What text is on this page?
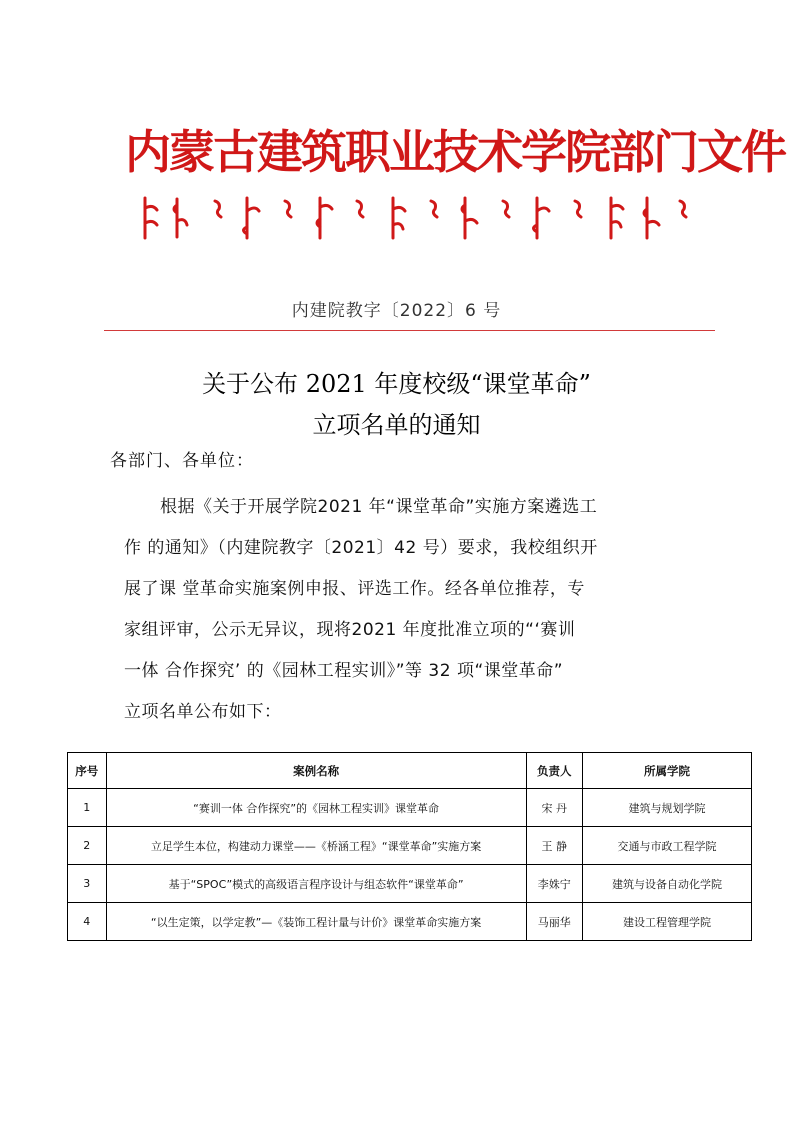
内蒙古建筑职业技术学院部门文件
内建院教字〔2022〕6 号
关于公布 2021 年度校级“课堂革命”
立项名单的通知
各部门、各单位：
根据《关于开展学院2021 年“课堂革命”实施方案遴选工
作 的通知》（内建院教字〔2021〕42 号）要求，我校组织开
展了课 堂革命实施案例申报、评选工作。经各单位推荐，专
家组评审，公示无异议，现将2021 年度批准立项的“‘赛训
一体 合作探究’ 的《园林工程实训》”等 32 项“课堂革命”
立项名单公布如下：
序号	案例名称	负责人	所属学院
1	“赛训一体 合作探究”的《园林工程实训》课堂革命	宋 丹	建筑与规划学院
2	立足学生本位，构建动力课堂——《桥涵工程》“课堂革命”实施方案	王 静	交通与市政工程学院
3	基于“SPOC”模式的高级语言程序设计与组态软件“课堂革命”	李姝宁	建筑与设备自动化学院
4	“以生定策，以学定教”—《装饰工程计量与计价》课堂革命实施方案	马丽华	建设工程管理学院
